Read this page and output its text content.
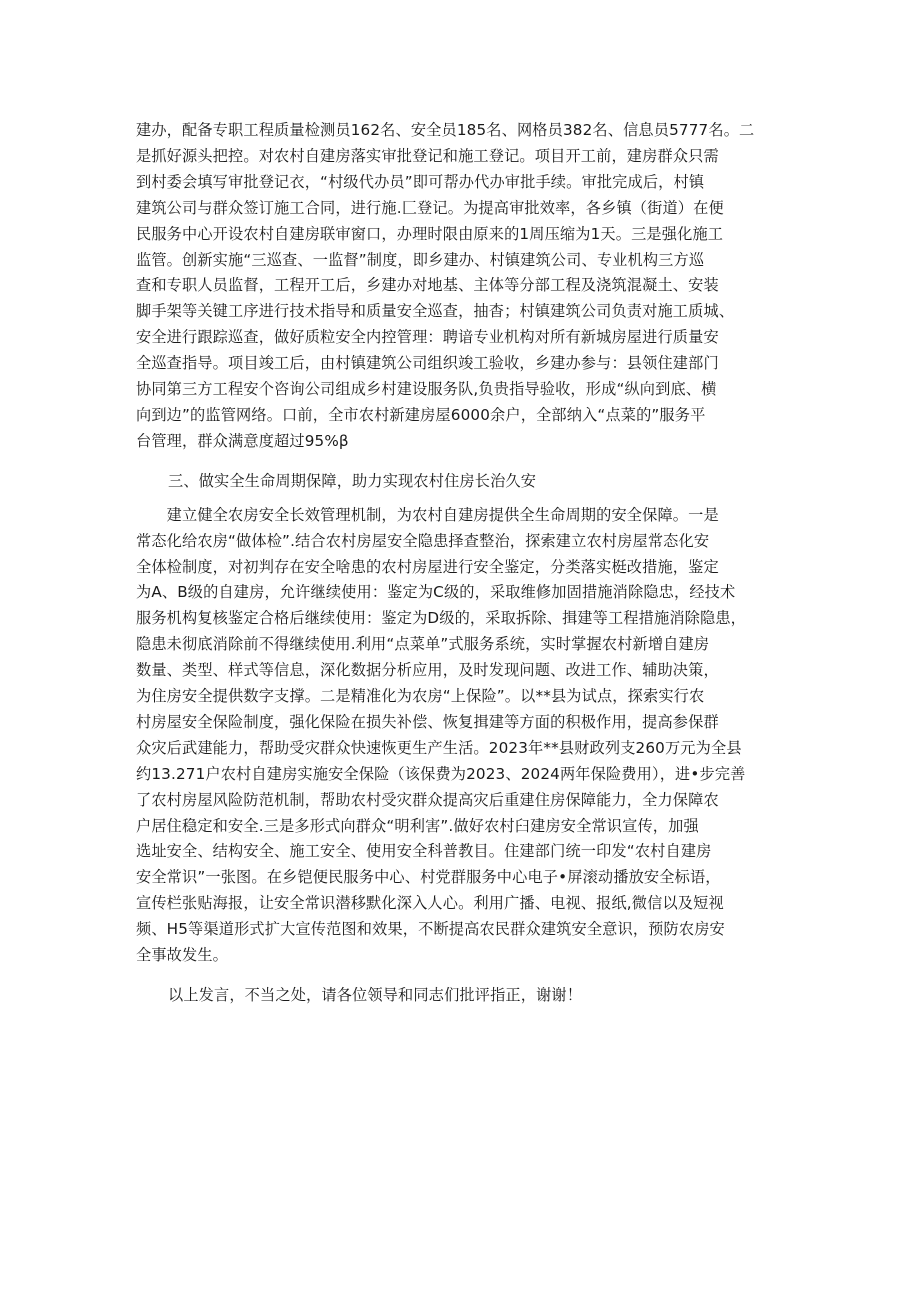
建办，配备专职工程质量检测员162名、安全员185名、网格员382名、信息员5777名。二
是抓好源头把控。对农村自建房落实审批登记和施工登记。项目开工前，建房群众只需
到村委会填写审批登记衣，“村级代办员”即可帮办代办审批手续。审批完成后，村镇
建筑公司与群众签订施工合同，进行施.匚登记。为提高审批效率，各乡镇（街道）在便
民服务中心开设农村自建房联审窗口，办理时限由原来的1周压缩为1天。三是强化施工
监管。创新实施“三巡查、一监督”制度，即乡建办、村镇建筑公司、专业机构三方巡
查和专职人员监督，工程开工后，乡建办对地基、主体等分部工程及浇筑混凝土、安装
脚手架等关键工序进行技术指导和质量安全巡查，抽杳；村镇建筑公司负责对施工质城、
安全进行跟踪巡查，做好质粒安全内控管理：聘谙专业机构对所有新城房屋进行质量安
全巡查指导。项目竣工后，由村镇建筑公司组织竣工验收，乡建办参与：县领住建部门
协同第三方工程安个咨询公司组成乡村建设服务队,负贵指导验收，形成“纵向到底、横
向到边”的监管网络。口前，全市农村新建房屋6000余户，全部纳入“点菜的”服务平
台管理，群众满意度超过95%β

三、做实全生命周期保障，助力实现农村住房长治久安

　　建立健全农房安全长效管理机制，为农村自建房提供全生命周期的安全保障。一是
常态化给农房“做体检”.结合农村房屋安全隐患择查整治，探索建立农村房屋常态化安
全体检制度，对初判存在安全啥患的农村房屋进行安全鉴定，分类落实梃改措施，鉴定
为A、B级的自建房，允许继续使用：鉴定为C级的，采取维修加固措施消除隐忠，经技术
服务机构复核鉴定合格后继续使用：鉴定为D级的，采取拆除、揖建等工程措施消除隐患，
隐患未彻底消除前不得继续使用.利用“点菜单”式服务系统，实时掌握农村新增自建房
数量、类型、样式等信息，深化数据分析应用，及时发现问题、改进工作、辅助决策，
为住房安全提供数字支撑。二是精准化为农房“上保险”。以**县为试点，探索实行农
村房屋安全保险制度，强化保险在损失补偿、恢复揖建等方面的积极作用，提高参保群
众灾后武建能力，帮助受灾群众快速恢更生产生活。2023年**县财政列支260万元为全县
约13.271户农村自建房实施安全保险（该保费为2023、2024两年保险费用），进•步完善
了农村房屋风险防范机制，帮助农村受灾群众提高灾后重建住房保障能力，全力保障农
户居住稳定和安全.三是多形式向群众“明利害”.做好农村臼建房安全常识宣传，加强
选址安全、结构安全、施工安全、使用安全科普教目。住建部门统一印发“农村自建房
安全常识”一张图。在乡铠便民服务中心、村党群服务中心电子•屏滚动播放安全标语，
宣传栏张贴海报，让安全常识潜移默化深入人心。利用广播、电视、报纸,微信以及短视
频、H5等渠道形式扩大宣传范图和效果，不断提高农民群众建筑安全意识，预防农房安
全事故发生。

以上发言，不当之处，请各位领导和同志们批评指正，谢谢！
